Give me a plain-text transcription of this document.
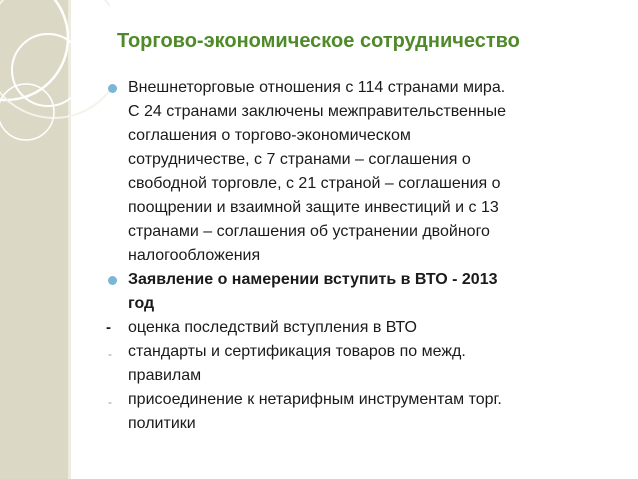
Торгово-экономическое сотрудничество
Внешнеторговые отношения с 114 странами мира.
С 24 странами заключены межправительственные
соглашения о торгово-экономическом
сотрудничестве, с 7 странами – соглашения о
свободной торговле, с 21 страной – соглашения о
поощрении и взаимной защите инвестиций и с 13
странами – соглашения об устранении двойного
налогообложения
Заявление о намерении вступить в ВТО - 2013
год
- оценка последствий вступления в ВТО
- стандарты и сертификация товаров по межд.
правилам
- присоединение к нетарифным инструментам торг.
политики
